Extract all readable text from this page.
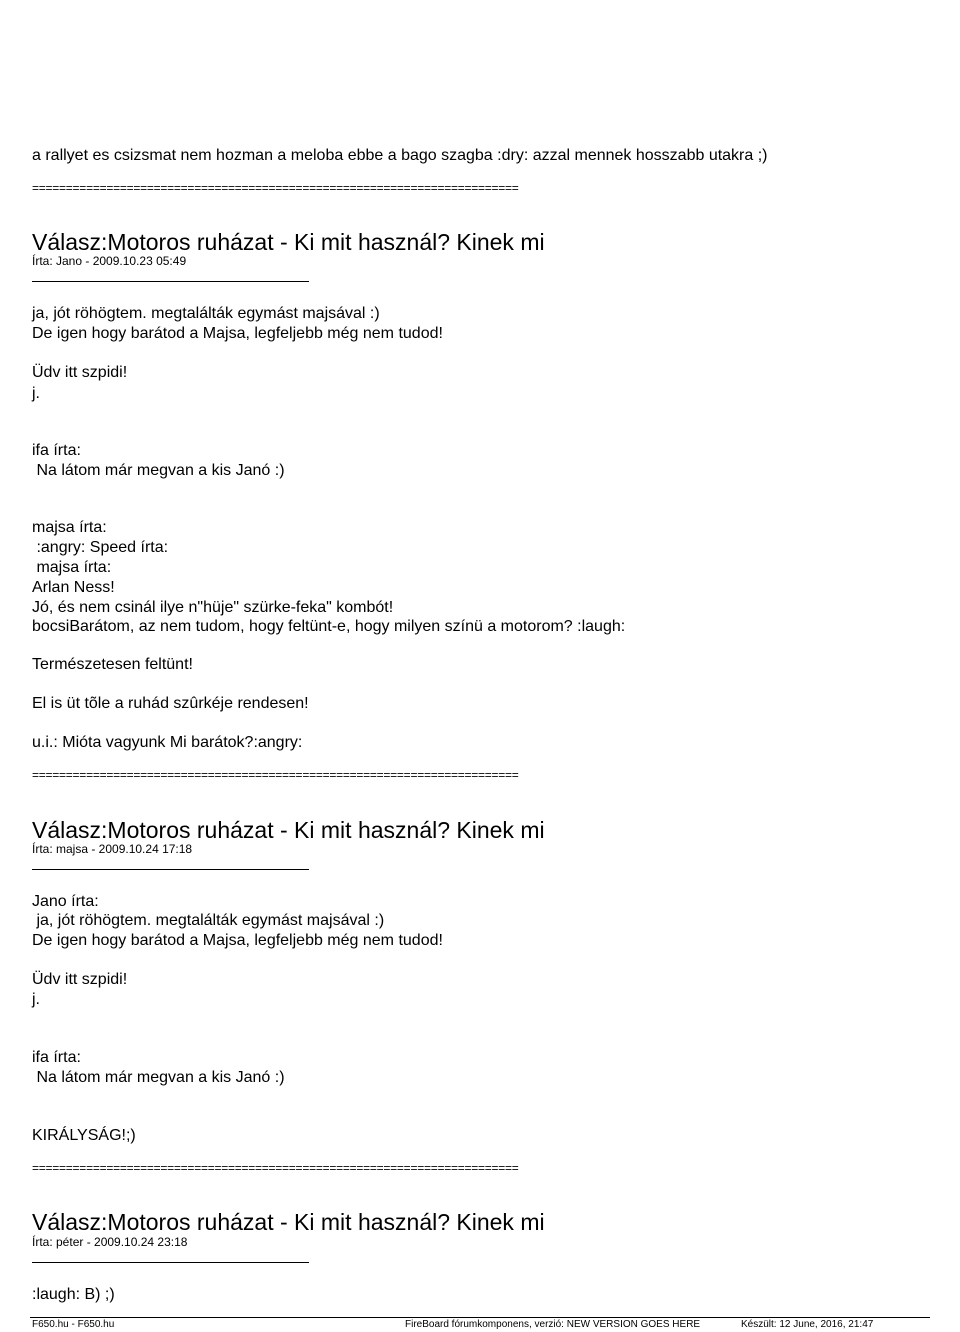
a rallyet es csizsmat nem hozman a meloba ebbe a bago szagba :dry: azzal mennek hosszabb utakra ;)
========================================================================
Válasz:Motoros ruházat - Ki mit használ? Kinek mi
Írta: Jano - 2009.10.23 05:49
ja, jót röhögtem. megtalálták egymást majsával :)
De igen hogy barátod a Majsa, legfeljebb még nem tudod!
Üdv itt szpidi!
j.
ifa írta:
Na látom már megvan a kis Janó :)
majsa írta:
:angry: Speed írta:
majsa írta:
Arlan Ness!
Jó, és nem csinál ilye n"hüje" szürke-feka" kombót!
bocsiBarátom, az nem tudom, hogy feltünt-e, hogy milyen színü a motorom? :laugh:
Természetesen feltünt!
El is üt tõle a ruhád szûrkéje rendesen!
u.i.: Mióta vagyunk Mi barátok?:angry:
========================================================================
Válasz:Motoros ruházat - Ki mit használ? Kinek mi
Írta: majsa - 2009.10.24 17:18
Jano írta:
ja, jót röhögtem. megtalálták egymást majsával :)
De igen hogy barátod a Majsa, legfeljebb még nem tudod!
Üdv itt szpidi!
j.
ifa írta:
Na látom már megvan a kis Janó :)
KIRÁLYSÁG!;)
========================================================================
Válasz:Motoros ruházat - Ki mit használ? Kinek mi
Írta: péter - 2009.10.24 23:18
:laugh: B) ;)
F650.hu - F650.hu	FireBoard fórumkomponens, verzió: NEW VERSION GOES HERE	Készült: 12 June, 2016, 21:47
